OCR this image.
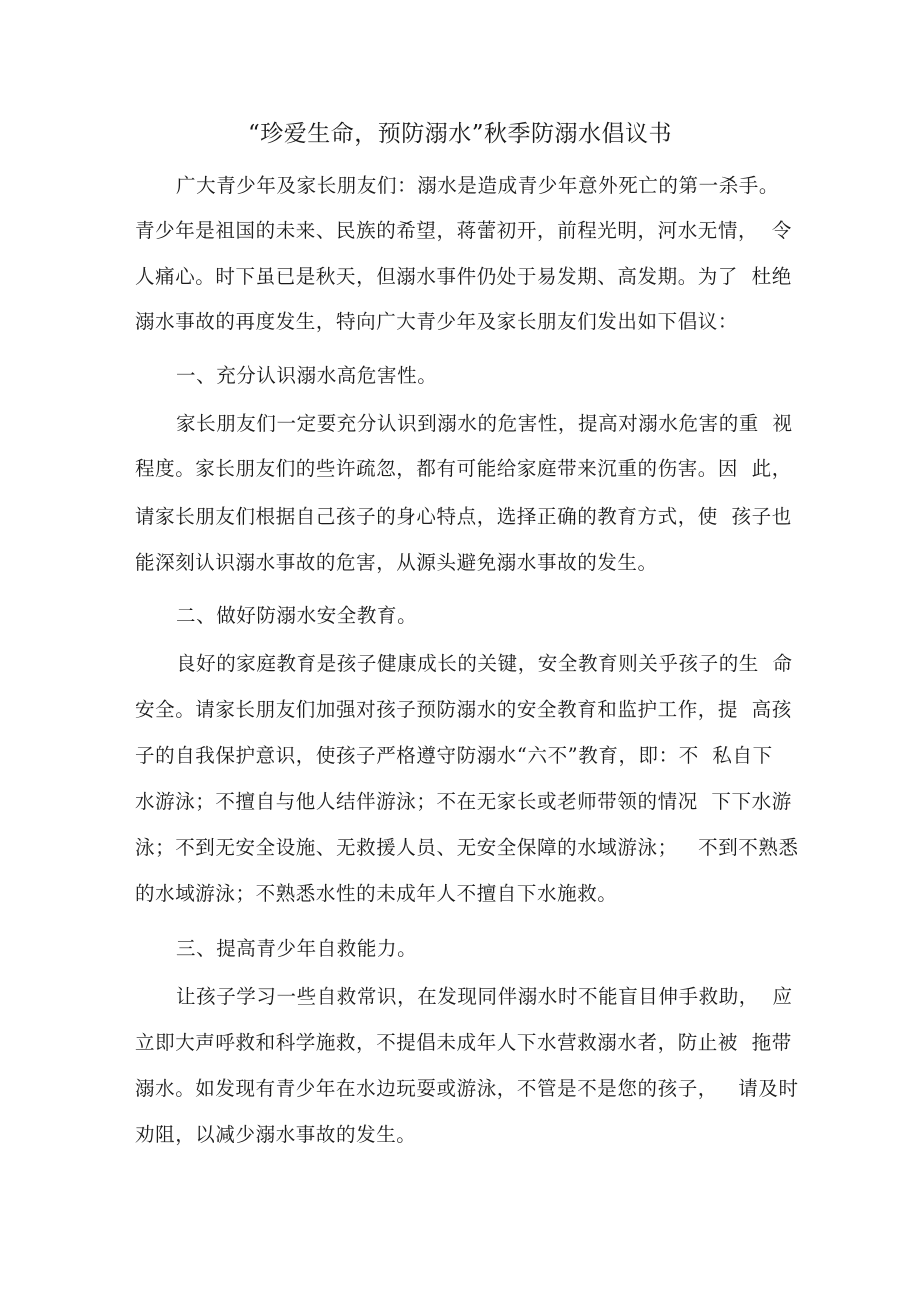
“珍爱生命，预防溺水”秋季防溺水倡议书
广大青少年及家长朋友们：溺水是造成青少年意外死亡的第一杀手。
青少年是祖国的未来、民族的希望，蒋蕾初开，前程光明，河水无情，  令
人痛心。时下虽已是秋天，但溺水事件仍处于易发期、高发期。为了  杜绝
溺水事故的再度发生，特向广大青少年及家长朋友们发出如下倡议：
一、充分认识溺水高危害性。
家长朋友们一定要充分认识到溺水的危害性，提高对溺水危害的重  视
程度。家长朋友们的些许疏忽，都有可能给家庭带来沉重的伤害。因  此，
请家长朋友们根据自己孩子的身心特点，选择正确的教育方式，使  孩子也
能深刻认识溺水事故的危害，从源头避免溺水事故的发生。
二、做好防溺水安全教育。
良好的家庭教育是孩子健康成长的关键，安全教育则关乎孩子的生  命
安全。请家长朋友们加强对孩子预防溺水的安全教育和监护工作，提  高孩
子的自我保护意识，使孩子严格遵守防溺水“六不”教育，即：不  私自下
水游泳；不擅自与他人结伴游泳；不在无家长或老师带领的情况  下下水游
泳；不到无安全设施、无救援人员、无安全保障的水域游泳；   不到不熟悉
的水域游泳；不熟悉水性的未成年人不擅自下水施救。
三、提高青少年自救能力。
让孩子学习一些自救常识，在发现同伴溺水时不能盲目伸手救助，  应
立即大声呼救和科学施救，不提倡未成年人下水营救溺水者，防止被  拖带
溺水。如发现有青少年在水边玩耍或游泳，不管是不是您的孩子，   请及时
劝阻，以减少溺水事故的发生。
